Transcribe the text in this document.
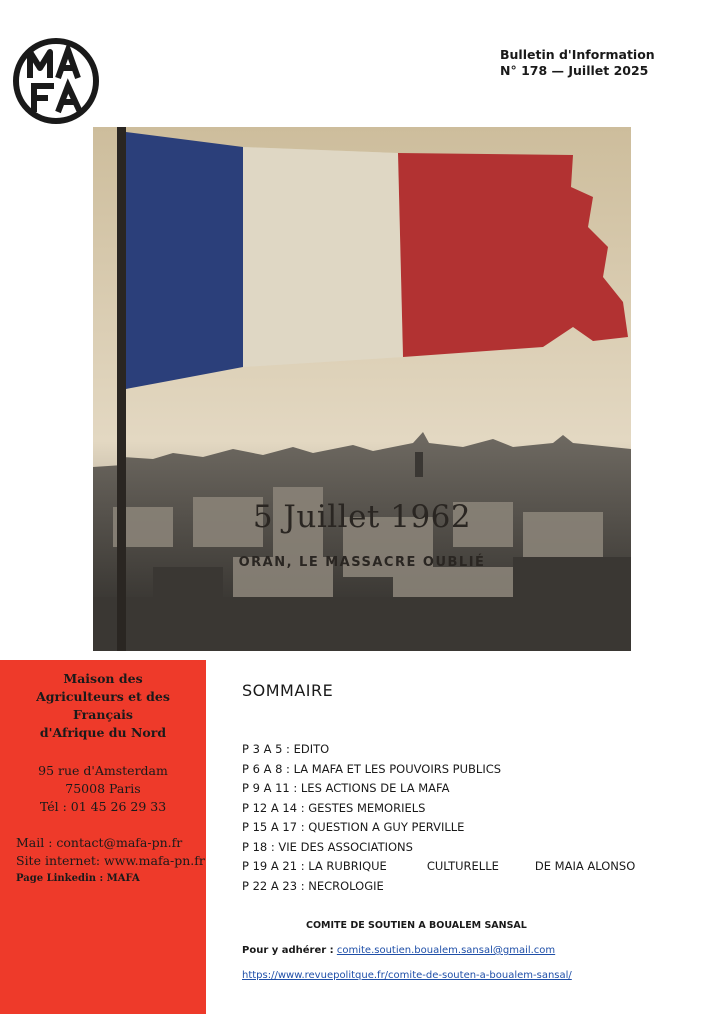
Bulletin d'Information
N° 178 — Juillet 2025
5 Juillet 1962
ORAN, LE MASSACRE OUBLIÉ
Maison des
Agriculteurs et des Français
d'Afrique du Nord
95 rue d'Amsterdam
75008 Paris
Tél : 01 45 26 29 33
Mail : contact@mafa-pn.fr
Site internet: www.mafa-pn.fr
Page Linkedin : MAFA
SOMMAIRE
P 3 A 5 : EDITO
P 6 A 8 : LA MAFA ET LES POUVOIRS PUBLICS
P 9 A 11 : LES ACTIONS DE LA MAFA
P 12 A 14 : GESTES MEMORIELS
P 15 A 17 : QUESTION A GUY PERVILLE
P 18 : VIE DES ASSOCIATIONS
P 19 A 21 : LA RUBRIQUE	CULTURELLE	DE MAIA ALONSO
P 22 A 23 : NECROLOGIE
COMITE DE SOUTIEN A BOUALEM SANSAL
Pour y adhérer : comite.soutien.boualem.sansal@gmail.com
https://www.revuepolitque.fr/comite-de-souten-a-boualem-sansal/
